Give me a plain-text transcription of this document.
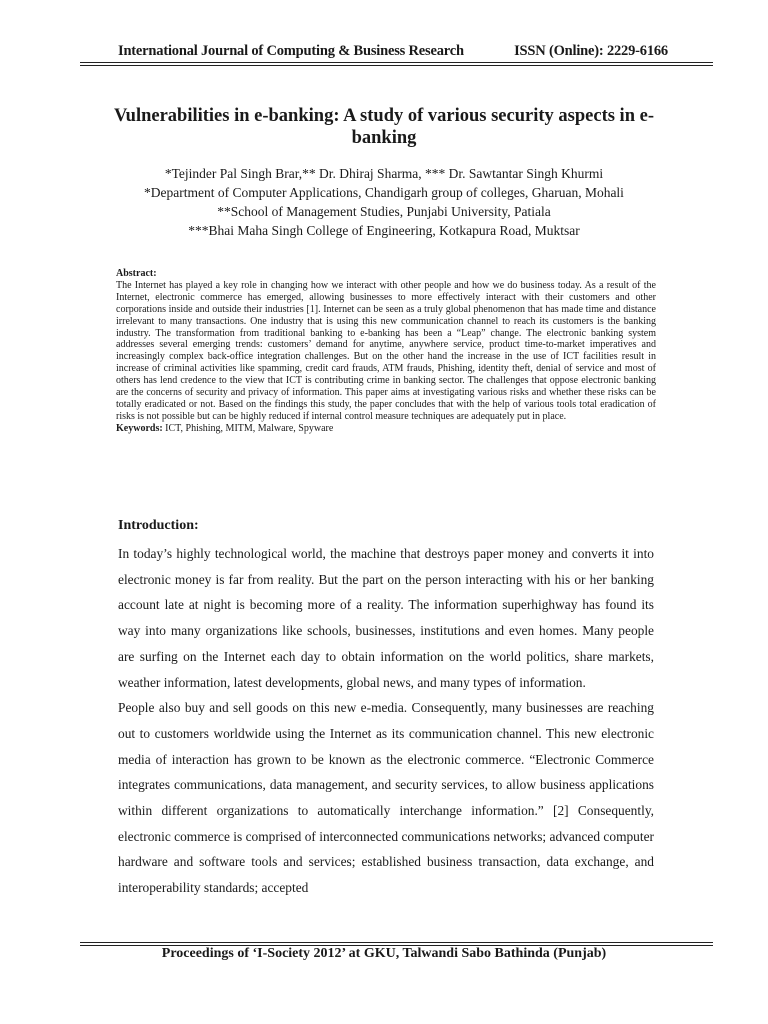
International Journal of Computing & Business Research	ISSN (Online): 2229-6166
Vulnerabilities in e-banking: A study of various security aspects in e-banking
*Tejinder Pal Singh Brar,** Dr. Dhiraj Sharma, *** Dr. Sawtantar Singh Khurmi
*Department of Computer Applications, Chandigarh group of colleges, Gharuan, Mohali
**School of Management Studies, Punjabi University, Patiala
***Bhai Maha Singh College of Engineering, Kotkapura Road, Muktsar
Abstract:
The Internet has played a key role in changing how we interact with other people and how we do business today. As a result of the Internet, electronic commerce has emerged, allowing businesses to more effectively interact with their customers and other corporations inside and outside their industries [1]. Internet can be seen as a truly global phenomenon that has made time and distance irrelevant to many transactions. One industry that is using this new communication channel to reach its customers is the banking industry. The transformation from traditional banking to e-banking has been a “Leap” change. The electronic banking system addresses several emerging trends: customers’ demand for anytime, anywhere service, product time-to-market imperatives and increasingly complex back-office integration challenges. But on the other hand the increase in the use of ICT facilities result in increase of criminal activities like spamming, credit card frauds, ATM frauds, Phishing, identity theft, denial of service and most of others has lend credence to the view that ICT is contributing crime in banking sector. The challenges that oppose electronic banking are the concerns of security and privacy of information. This paper aims at investigating various risks and whether these risks can be totally eradicated or not. Based on the findings this study, the paper concludes that with the help of various tools total eradication of risks is not possible but can be highly reduced if internal control measure techniques are adequately put in place.
Keywords: ICT, Phishing, MITM, Malware, Spyware
Introduction:

In today’s highly technological world, the machine that destroys paper money and converts it into electronic money is far from reality. But the part on the person interacting with his or her banking account late at night is becoming more of a reality. The information superhighway has found its way into many organizations like schools, businesses, institutions and even homes. Many people are surfing on the Internet each day to obtain information on the world politics, share markets, weather information, latest developments, global news, and many types of information.

People also buy and sell goods on this new e-media. Consequently, many businesses are reaching out to customers worldwide using the Internet as its communication channel. This new electronic media of interaction has grown to be known as the electronic commerce. “Electronic Commerce integrates communications, data management, and security services, to allow business applications within different organizations to automatically interchange information.” [2] Consequently, electronic commerce is comprised of interconnected communications networks; advanced computer hardware and software tools and services; established business transaction, data exchange, and interoperability standards; accepted

Proceedings of ‘I-Society 2012’ at GKU, Talwandi Sabo Bathinda (Punjab)
